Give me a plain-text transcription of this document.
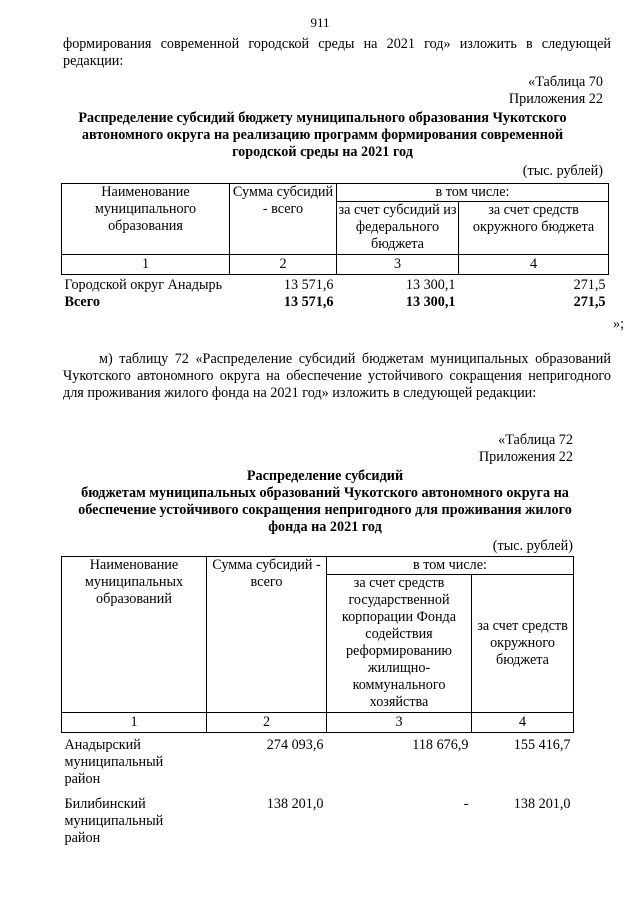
911
формирования современной городской среды на 2021 год» изложить в следующей редакции:
«Таблица 70
Приложения 22
Распределение субсидий бюджету муниципального образования Чукотского автономного округа на реализацию программ формирования современной городской среды на 2021 год
(тыс. рублей)
Наименование муниципального образования	Сумма субсидий - всего	в том числе:	
		за счет субсидий из федерального бюджета	за счет средств окружного бюджета
1	2	3	4
Городской округ Анадырь	13 571,6	13 300,1	271,5
Всего	13 571,6	13 300,1	271,5
»;
м) таблицу 72 «Распределение субсидий бюджетам муниципальных образований Чукотского автономного округа на обеспечение устойчивого сокращения непригодного для проживания жилого фонда на 2021 год» изложить в следующей редакции:
«Таблица 72
Приложения 22
Распределение субсидий
бюджетам муниципальных образований Чукотского автономного округа на обеспечение устойчивого сокращения непригодного для проживания жилого фонда на 2021 год
(тыс. рублей)
Наименование муниципальных образований	Сумма субсидий - всего	в том числе:	
		за счет средств государственной корпорации Фонда содействия реформированию жилищно-коммунального хозяйства	за счет средств окружного бюджета
1	2	3	4
Анадырский муниципальный район	274 093,6	118 676,9	155 416,7
Билибинский муниципальный район	138 201,0	-	138 201,0
